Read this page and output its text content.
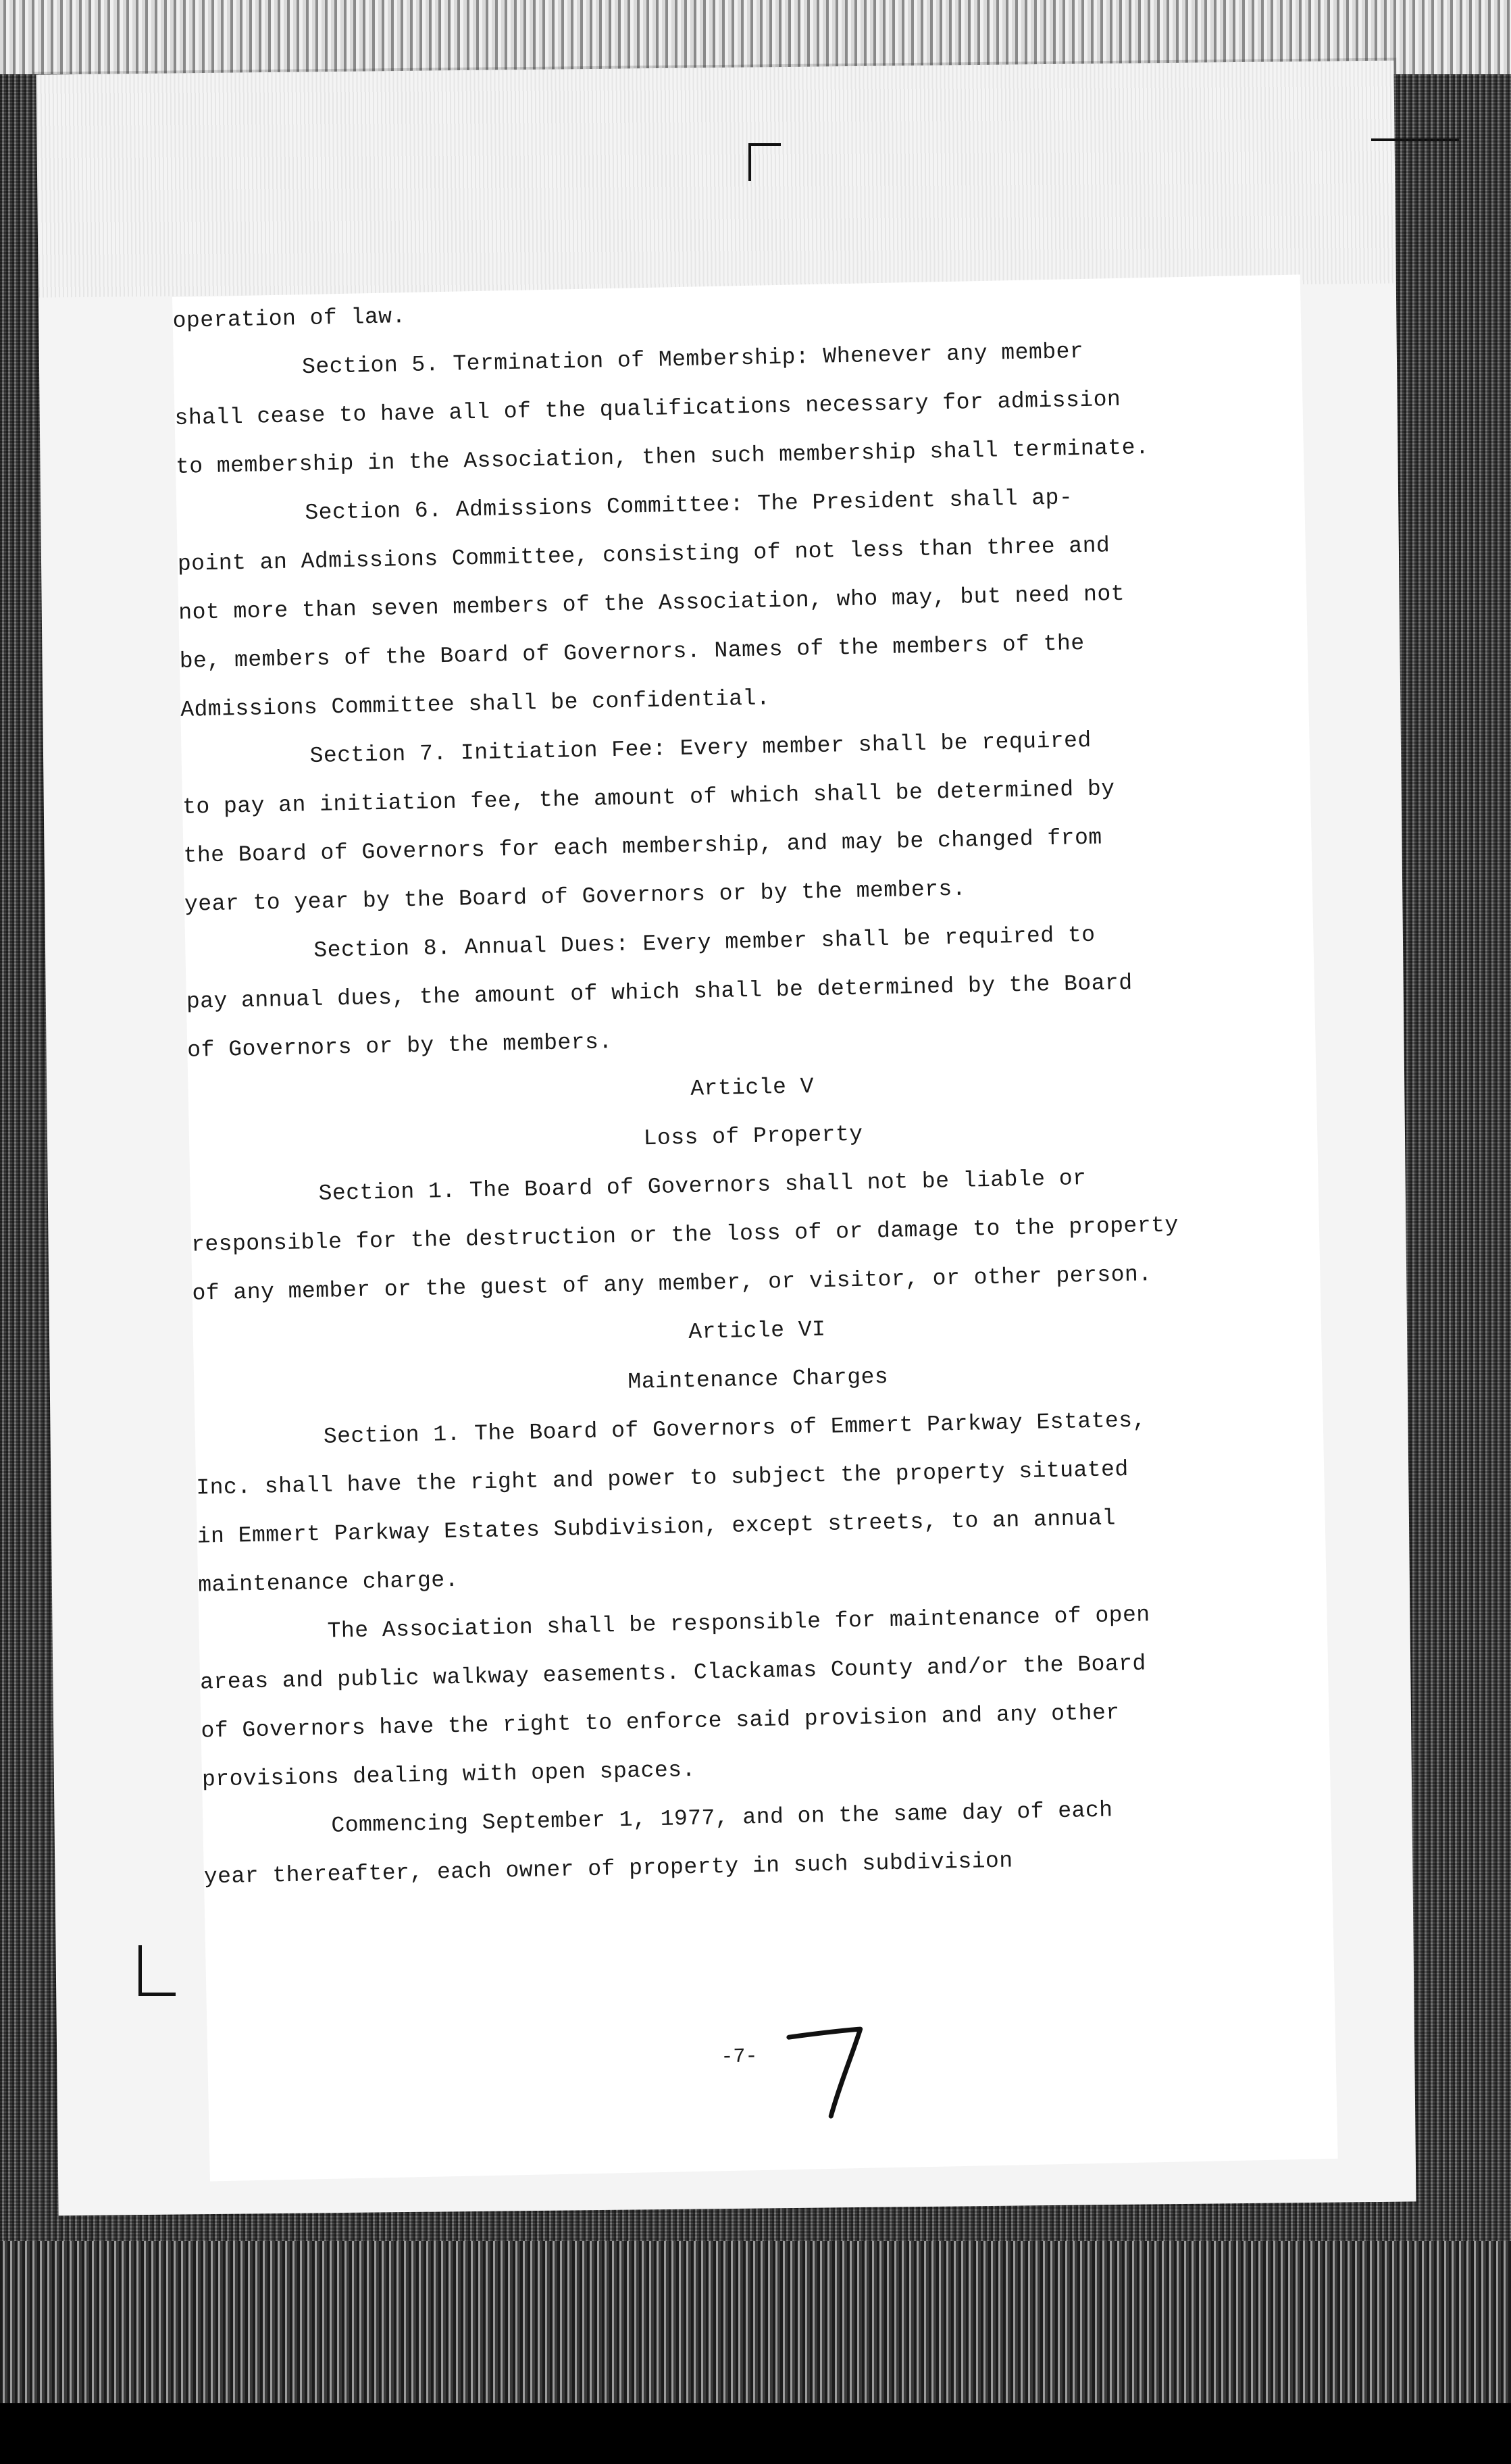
operation of law.

Section 5. Termination of Membership: Whenever any member

shall cease to have all of the qualifications necessary for admission

to membership in the Association, then such membership shall terminate.

Section 6. Admissions Committee: The President shall ap-

point an Admissions Committee, consisting of not less than three and

not more than seven members of the Association, who may, but need not

be, members of the Board of Governors. Names of the members of the

Admissions Committee shall be confidential.

Section 7. Initiation Fee: Every member shall be required

to pay an initiation fee, the amount of which shall be determined by

the Board of Governors for each membership, and may be changed from

year to year by the Board of Governors or by the members.

Section 8. Annual Dues: Every member shall be required to

pay annual dues, the amount of which shall be determined by the Board

of Governors or by the members.

Article V

Loss of Property

Section 1. The Board of Governors shall not be liable or

responsible for the destruction or the loss of or damage to the property

of any member or the guest of any member, or visitor, or other person.

Article VI

Maintenance Charges

Section 1. The Board of Governors of Emmert Parkway Estates,

Inc. shall have the right and power to subject the property situated

in Emmert Parkway Estates Subdivision, except streets, to an annual

maintenance charge.

The Association shall be responsible for maintenance of open

areas and public walkway easements. Clackamas County and/or the Board

of Governors have the right to enforce said provision and any other

provisions dealing with open spaces.

Commencing September 1, 1977, and on the same day of each

year thereafter, each owner of property in such subdivision

-7-
